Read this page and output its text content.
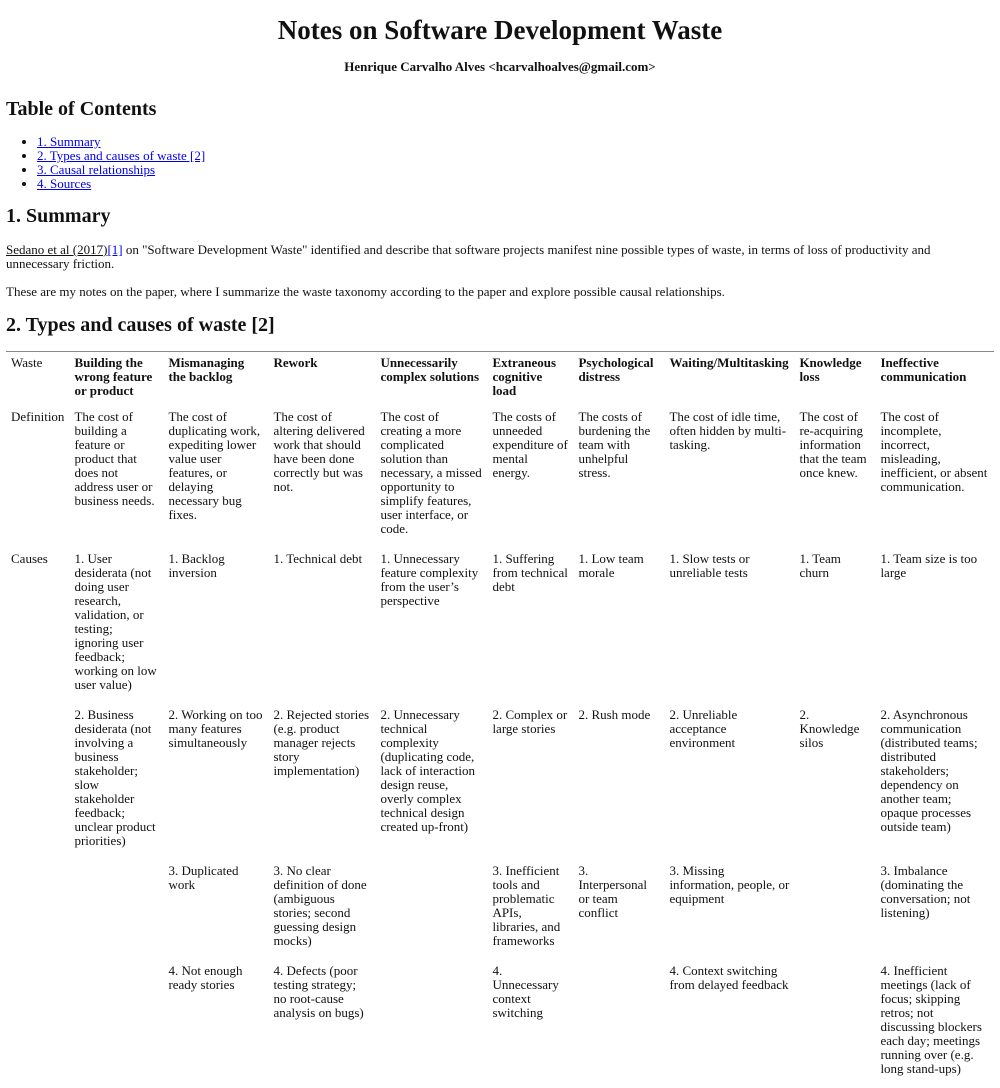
Notes on Software Development Waste
Henrique Carvalho Alves <hcarvalhoalves@gmail.com>
Table of Contents
• 1. Summary
• 2. Types and causes of waste [2]
• 3. Causal relationships
• 4. Sources
1. Summary

Sedano et al (2017)[1] on "Software Development Waste" identified and describe that software projects manifest nine possible types of waste, in terms of loss of productivity and unnecessary friction.

These are my notes on the paper, where I summarize the waste taxonomy according to the paper and explore possible causal relationships.

2. Types and causes of waste [2]
Waste	Building the wrong feature or product	Mismanaging the backlog	Rework	Unnecessarily complex solutions	Extraneous cognitive load	Psychological distress	Waiting/Multitasking	Knowledge loss	Ineffective communication
Definition	The cost of building a feature or product that does not address user or business needs.	The cost of duplicating work, expediting lower value user features, or delaying necessary bug fixes.	The cost of altering delivered work that should have been done correctly but was not.	The cost of creating a more complicated solution than necessary, a missed opportunity to simplify features, user interface, or code.	The costs of unneeded expenditure of mental energy.	The costs of burdening the team with unhelpful stress.	The cost of idle time, often hidden by multi-tasking.	The cost of re-acquiring information that the team once knew.	The cost of incomplete, incorrect, misleading, inefficient, or absent communication.
Causes	1. User desiderata (not doing user research, validation, or testing; ignoring user feedback; working on low user value)	1. Backlog inversion	1. Technical debt	1. Unnecessary feature complexity from the user’s perspective	1. Suffering from technical debt	1. Low team morale	1. Slow tests or unreliable tests	1. Team churn	1. Team size is too large
	2. Business desiderata (not involving a business stakeholder; slow stakeholder feedback; unclear product priorities)	2. Working on too many features simultaneously	2. Rejected stories (e.g. product manager rejects story implementation)	2. Unnecessary technical complexity (duplicating code, lack of interaction design reuse, overly complex technical design created up-front)	2. Complex or large stories	2. Rush mode	2. Unreliable acceptance environment	2. Knowledge silos	2. Asynchronous communication (distributed teams; distributed stakeholders; dependency on another team; opaque processes outside team)
		3. Duplicated work	3. No clear definition of done (ambiguous stories; second guessing design mocks)		3. Inefficient tools and problematic APIs, libraries, and frameworks	3. Interpersonal or team conflict	3. Missing information, people, or equipment		3. Imbalance (dominating the conversation; not listening)
		4. Not enough ready stories	4. Defects (poor testing strategy; no root-cause analysis on bugs)		4. Unnecessary context switching		4. Context switching from delayed feedback		4. Inefficient meetings (lack of focus; skipping retros; not discussing blockers each day; meetings running over (e.g. long stand-ups)
